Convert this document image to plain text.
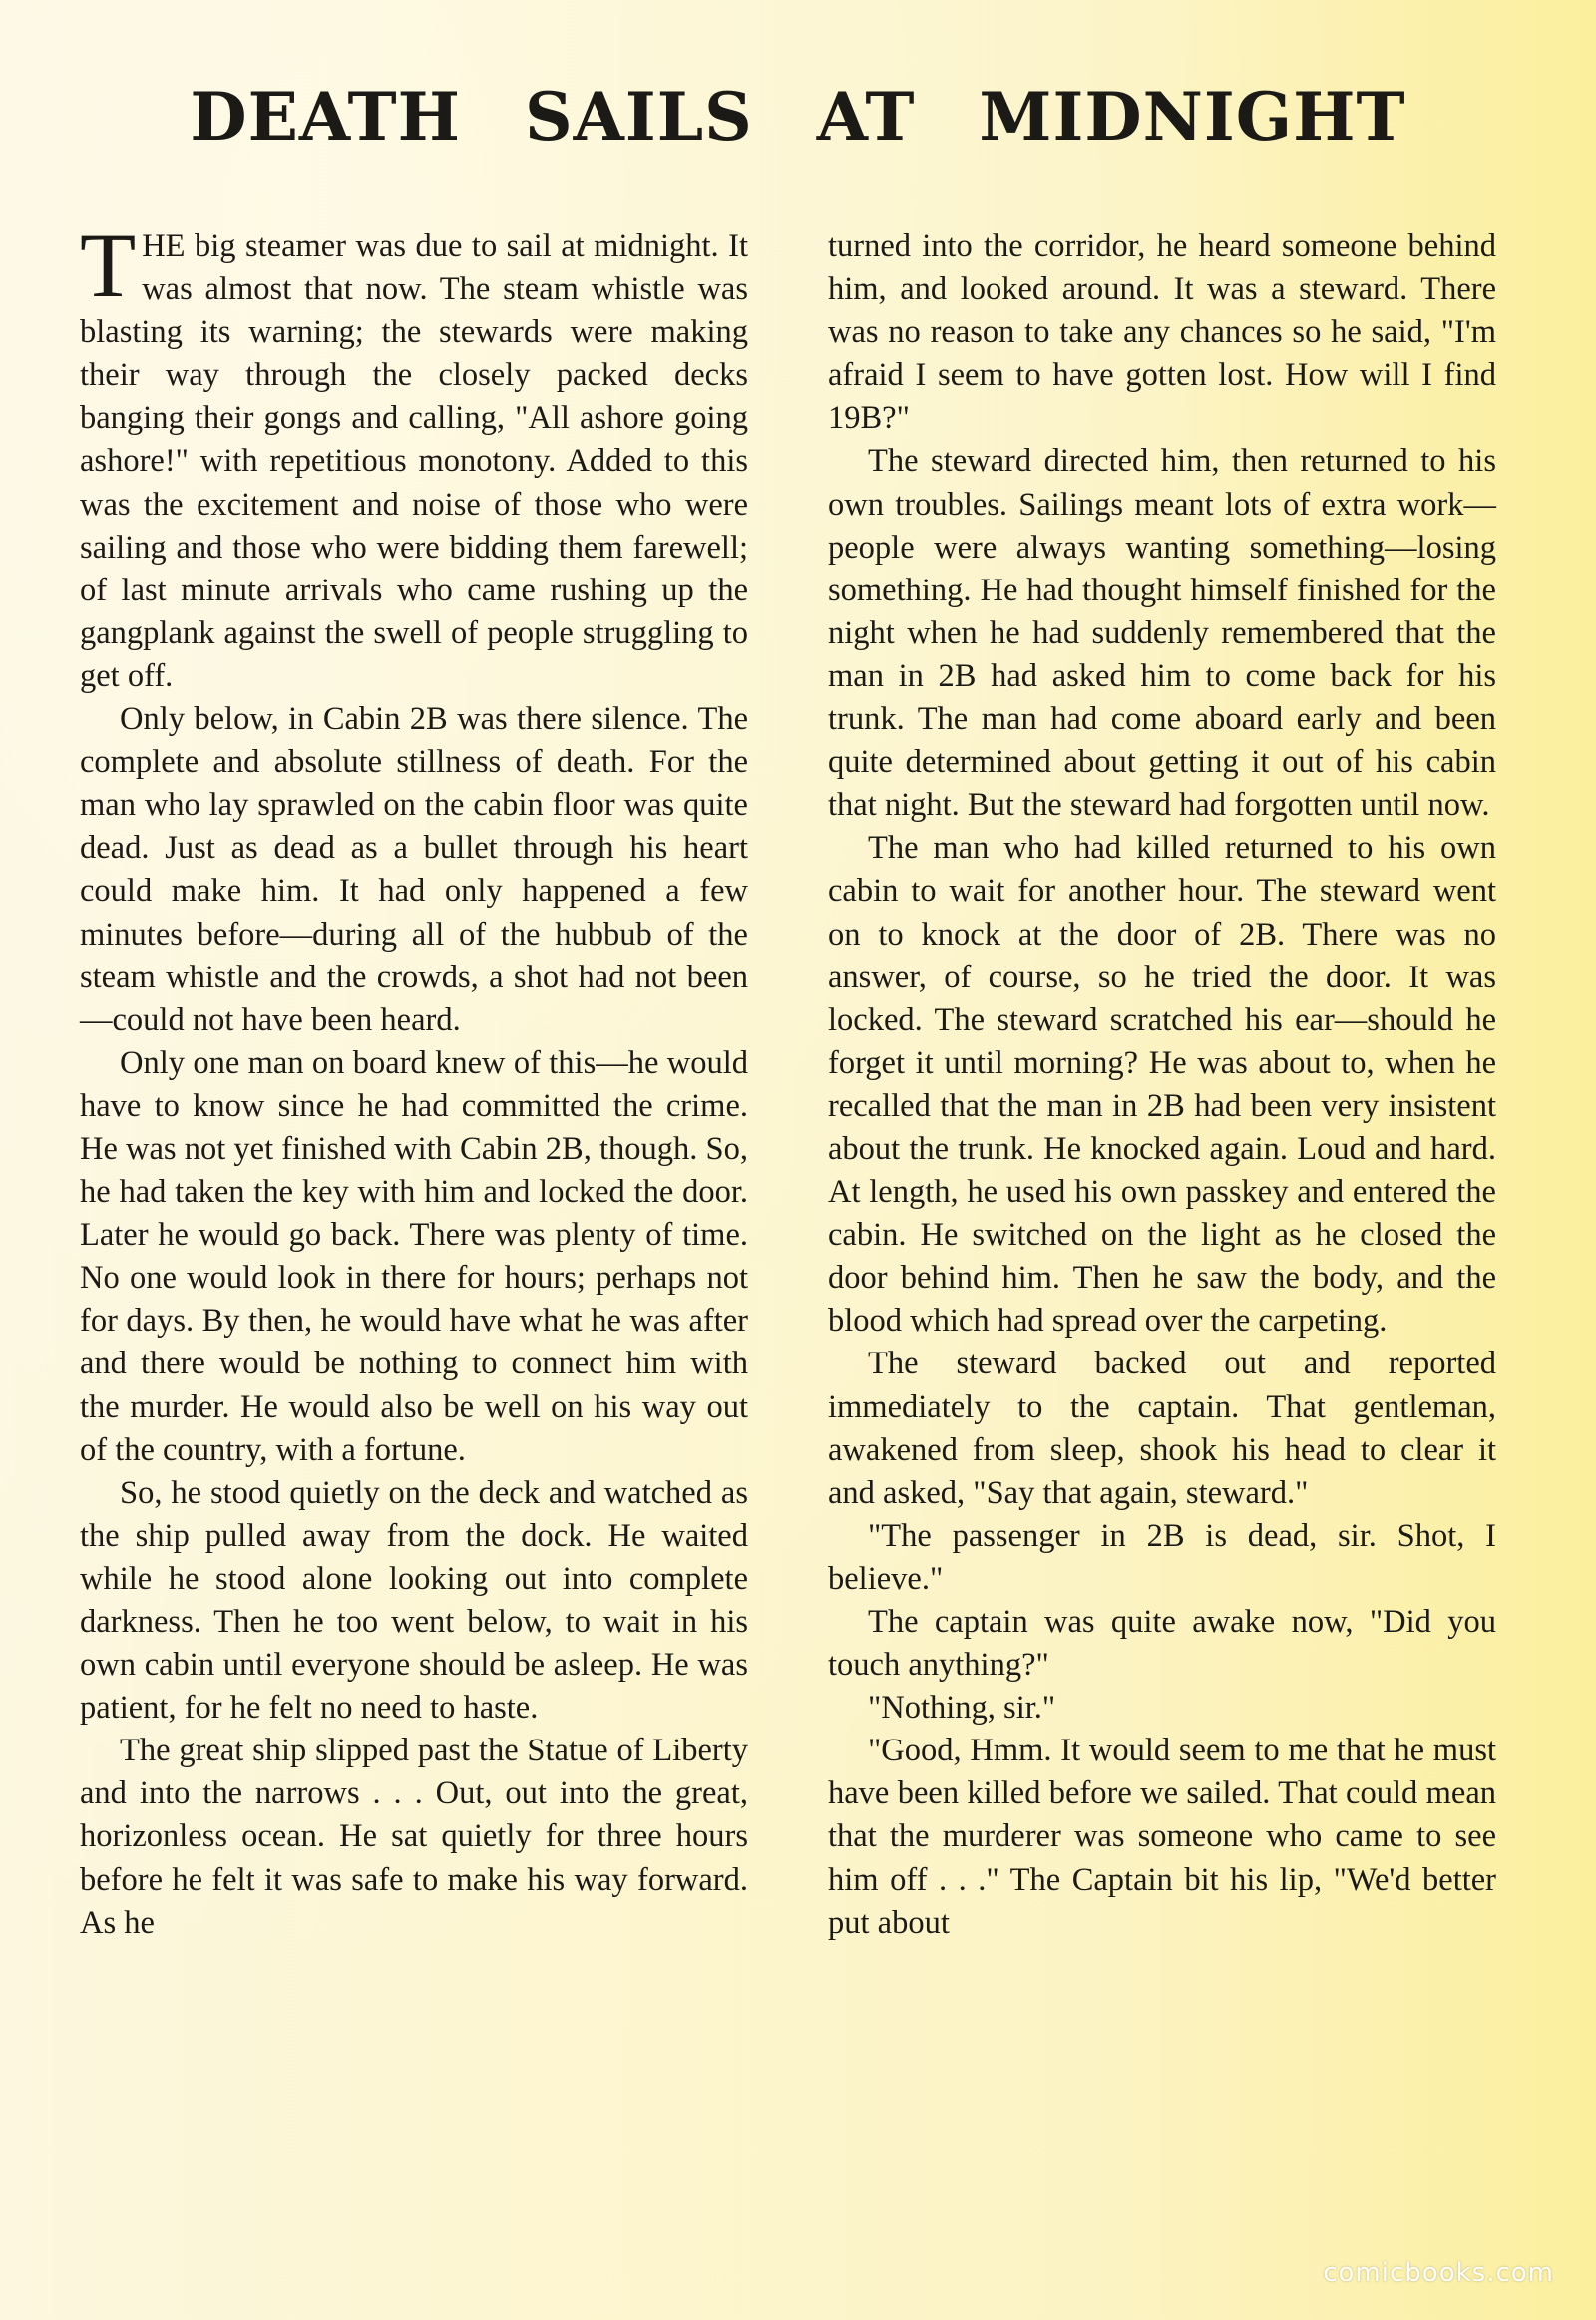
DEATH SAILS AT MIDNIGHT

THE big steamer was due to sail at midnight. It was almost that now. The steam whistle was blasting its warning; the stewards were making their way through the closely packed decks banging their gongs and calling, "All ashore going ashore!" with repetitious monotony. Added to this was the excitement and noise of those who were sailing and those who were bidding them farewell; of last minute arrivals who came rushing up the gangplank against the swell of people struggling to get off.

Only below, in Cabin 2B was there silence. The complete and absolute stillness of death. For the man who lay sprawled on the cabin floor was quite dead. Just as dead as a bullet through his heart could make him. It had only happened a few minutes before—during all of the hubbub of the steam whistle and the crowds, a shot had not been—could not have been heard.

Only one man on board knew of this—he would have to know since he had committed the crime. He was not yet finished with Cabin 2B, though. So, he had taken the key with him and locked the door. Later he would go back. There was plenty of time. No one would look in there for hours; perhaps not for days. By then, he would have what he was after and there would be nothing to connect him with the murder. He would also be well on his way out of the country, with a fortune.

So, he stood quietly on the deck and watched as the ship pulled away from the dock. He waited while he stood alone looking out into complete darkness. Then he too went below, to wait in his own cabin until everyone should be asleep. He was patient, for he felt no need to haste.

The great ship slipped past the Statue of Liberty and into the narrows . . . Out, out into the great, horizonless ocean. He sat quietly for three hours before he felt it was safe to make his way forward. As he

turned into the corridor, he heard someone behind him, and looked around. It was a steward. There was no reason to take any chances so he said, "I'm afraid I seem to have gotten lost. How will I find 19B?"

The steward directed him, then returned to his own troubles. Sailings meant lots of extra work—people were always wanting something—losing something. He had thought himself finished for the night when he had suddenly remembered that the man in 2B had asked him to come back for his trunk. The man had come aboard early and been quite determined about getting it out of his cabin that night. But the steward had forgotten until now.

The man who had killed returned to his own cabin to wait for another hour. The steward went on to knock at the door of 2B. There was no answer, of course, so he tried the door. It was locked. The steward scratched his ear—should he forget it until morning? He was about to, when he recalled that the man in 2B had been very insistent about the trunk. He knocked again. Loud and hard. At length, he used his own passkey and entered the cabin. He switched on the light as he closed the door behind him. Then he saw the body, and the blood which had spread over the carpeting.

The steward backed out and reported immediately to the captain. That gentleman, awakened from sleep, shook his head to clear it and asked, "Say that again, steward."

"The passenger in 2B is dead, sir. Shot, I believe."

The captain was quite awake now, "Did you touch anything?"

"Nothing, sir."

"Good, Hmm. It would seem to me that he must have been killed before we sailed. That could mean that the murderer was someone who came to see him off . . ." The Captain bit his lip, "We'd better put about

comicbooks.com
